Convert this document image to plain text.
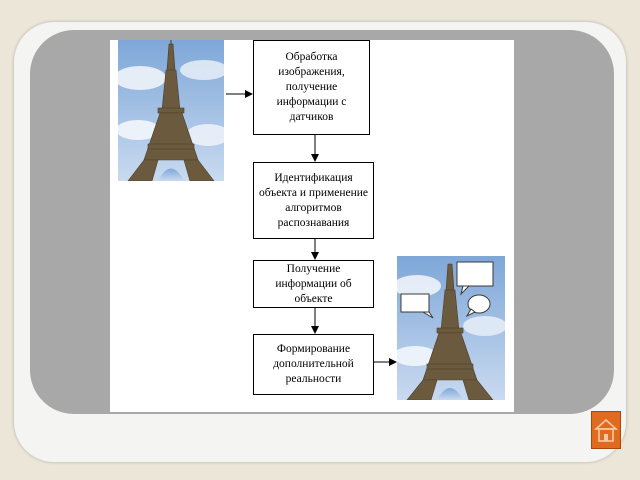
Обработка изображения, получение информации с датчиков
Идентификация объекта и применение алгоритмов распознавания
Получение информации об объекте
Формирование дополнительной реальности
